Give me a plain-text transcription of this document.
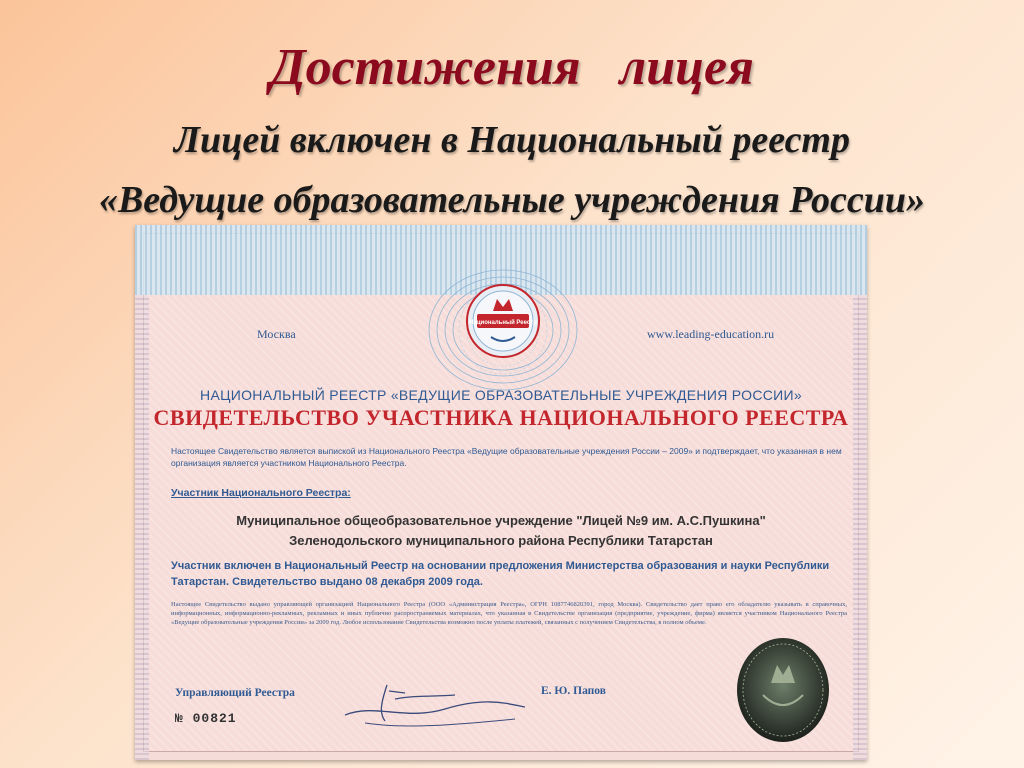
Достижения   лицея
Лицей включен в Национальный реестр
«Ведущие образовательные учреждения России»
Национальный Реестр
Москва	www.leading-education.ru
НАЦИОНАЛЬНЫЙ РЕЕСТР «ВЕДУЩИЕ ОБРАЗОВАТЕЛЬНЫЕ УЧРЕЖДЕНИЯ РОССИИ»
СВИДЕТЕЛЬСТВО УЧАСТНИКА НАЦИОНАЛЬНОГО РЕЕСТРА
Настоящее Свидетельство является выпиской из Национального Реестра «Ведущие образовательные учреждения России – 2009» и подтверждает, что указанная в нем организация является участником Национального Реестра.
Участник Национального Реестра:
Муниципальное общеобразовательное учреждение "Лицей №9 им. А.С.Пушкина"
Зеленодольского муниципального района Республики Татарстан
Участник включен в Национальный Реестр на основании предложения Министерства образования и науки Республики Татарстан. Свидетельство выдано 08 декабря 2009 года.
Настоящее Свидетельство выдано управляющей организацией Национального Реестра (ООО «Администрация Реестра», ОГРН 1087746820391, город Москва). Свидетельство дает право его обладателю указывать в справочных, информационных, информационно-рекламных, рекламных и иных публично распространяемых материалах, что указанная в Свидетельстве организация (предприятие, учреждение, фирма) является участником Национального Реестра «Ведущие образовательные учреждения России» за 2009 год. Любое использование Свидетельства возможно после уплаты платежей, связанных с получением Свидетельства, в полном объеме.
Управляющий Реестра	Е. Ю. Папов
№ 00821
